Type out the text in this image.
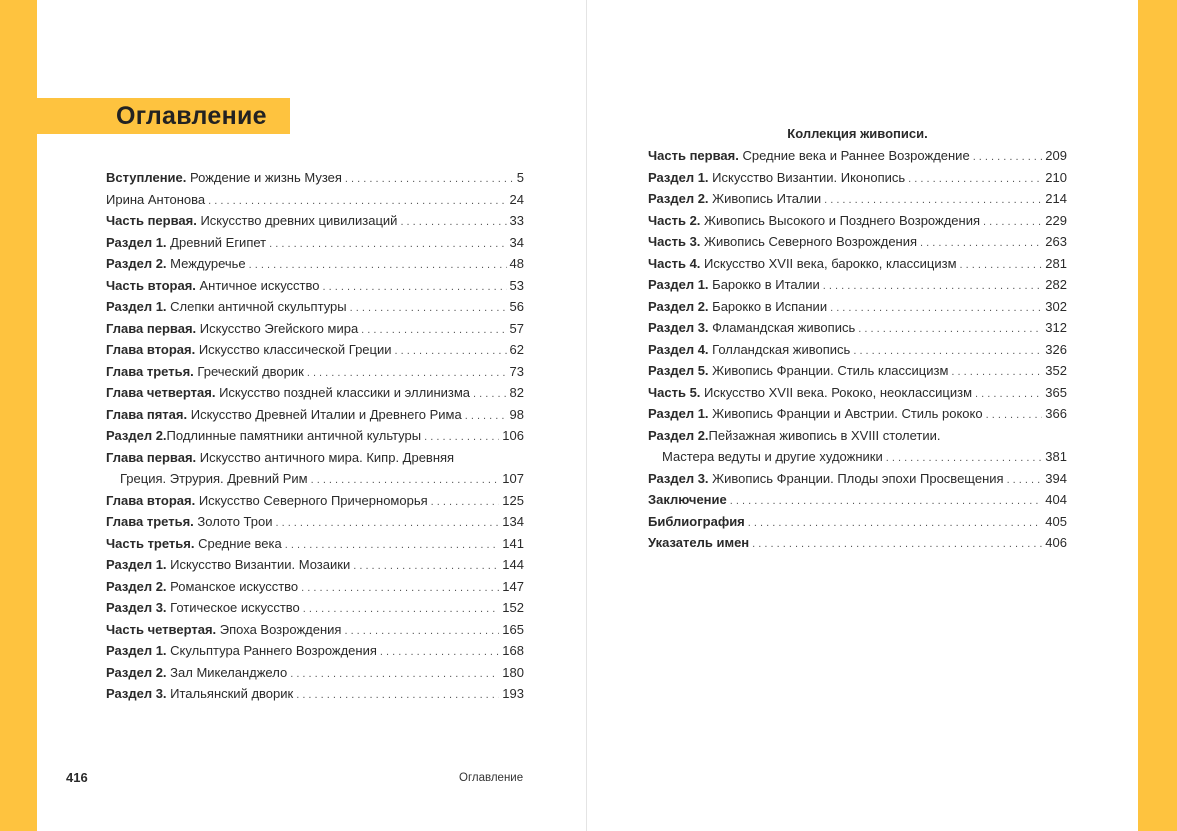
Оглавление
Вступление. Рождение и жизнь Музея . . .	5
Ирина Антонова . . .	24
Часть первая. Искусство древних цивилизаций . . .	33
Раздел 1. Древний Египет . . .	34
Раздел 2. Междуречье . . .	48
Часть вторая. Античное искусство . . .	53
Раздел 1. Слепки античной скульптуры . . .	56
Глава первая. Искусство Эгейского мира . . .	57
Глава вторая. Искусство классической Греции . . .	62
Глава третья. Греческий дворик . . .	73
Глава четвертая. Искусство поздней классики и эллинизма . . .	82
Глава пятая. Искусство Древней Италии и Древнего Рима . . .	98
Раздел 2. Подлинные памятники античной культуры . . .	106
Глава первая. Искусство античного мира. Кипр. Древняя
Греция. Этрурия. Древний Рим . . .	107
Глава вторая. Искусство Северного Причерноморья . . .	125
Глава третья. Золото Трои . . .	134
Часть третья. Средние века . . .	141
Раздел 1. Искусство Византии. Мозаики . . .	144
Раздел 2. Романское искусство . . .	147
Раздел 3. Готическое искусство . . .	152
Часть четвертая. Эпоха Возрождения . . .	165
Раздел 1. Скульптура Раннего Возрождения . . .	168
Раздел 2. Зал Микеланджело . . .	180
Раздел 3. Итальянский дворик . . .	193
Коллекция живописи.
Часть первая. Средние века и Раннее Возрождение . . .	209
Раздел 1. Искусство Византии. Иконопись . . .	210
Раздел 2. Живопись Италии . . .	214
Часть 2. Живопись Высокого и Позднего Возрождения . . .	229
Часть 3. Живопись Северного Возрождения . . .	263
Часть 4. Искусство XVII века, барокко, классицизм . . .	281
Раздел 1. Барокко в Италии . . .	282
Раздел 2. Барокко в Испании . . .	302
Раздел 3. Фламандская живопись . . .	312
Раздел 4. Голландская живопись . . .	326
Раздел 5. Живопись Франции. Стиль классицизм . . .	352
Часть 5. Искусство XVII века. Рококо, неоклассицизм . . .	365
Раздел 1. Живопись Франции и Австрии. Стиль рококо . . .	366
Раздел 2. Пейзажная живопись в XVIII столетии.
Мастера ведуты и другие художники . . .	381
Раздел 3. Живопись Франции. Плоды эпохи Просвещения . . .	394
Заключение . . .	404
Библиография . . .	405
Указатель имен . . .	406
416	Оглавление
